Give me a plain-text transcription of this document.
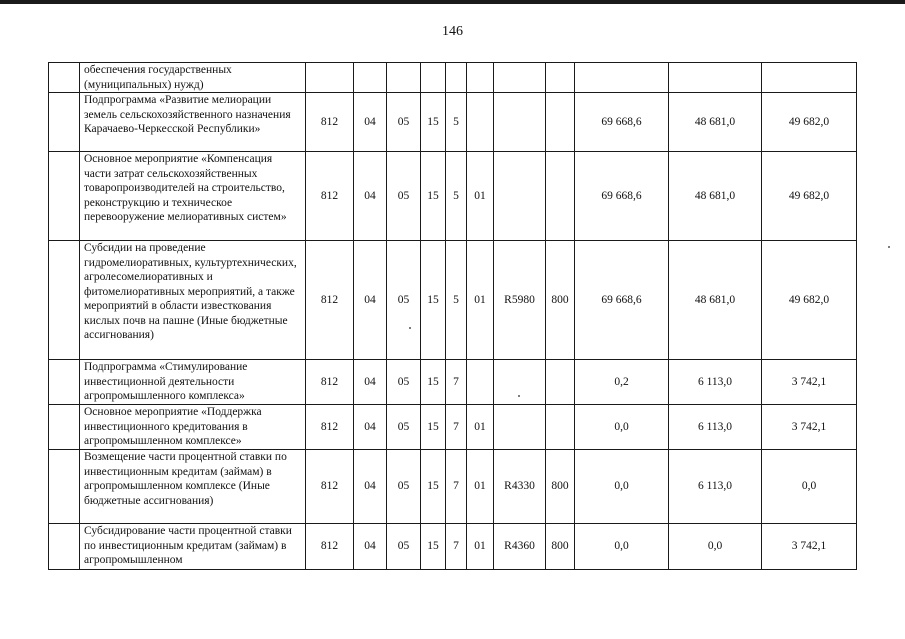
146
	обеспечения государственных (муниципальных) нужд)											
	Подпрограмма «Развитие мелиорации земель сельскохозяйственного назначения Карачаево-Черкесской Республики»	812	04	05	15	5				69 668,6	48 681,0	49 682,0
	Основное мероприятие «Компенсация части затрат сельскохозяйственных товаропроизводителей на строительство, реконструкцию и техническое перевооружение мелиоративных систем»	812	04	05	15	5	01			69 668,6	48 681,0	49 682,0
	Субсидии на проведение гидромелиоративных, культуртехнических, агролесомелиоративных и фитомелиоративных мероприятий, а также мероприятий в области известкования кислых почв на пашне (Иные бюджетные ассигнования)	812	04	05	15	5	01	R5980	800	69 668,6	48 681,0	49 682,0
	Подпрограмма «Стимулирование инвестиционной деятельности агропромышленного комплекса»	812	04	05	15	7				0,2	6 113,0	3 742,1
	Основное мероприятие «Поддержка инвестиционного кредитования в агропромышленном комплексе»	812	04	05	15	7	01			0,0	6 113,0	3 742,1
	Возмещение части процентной ставки по инвестиционным кредитам (займам) в агропромышленном комплексе (Иные бюджетные ассигнования)	812	04	05	15	7	01	R4330	800	0,0	6 113,0	0,0
	Субсидирование части процентной ставки по инвестиционным кредитам (займам) в агропромышленном	812	04	05	15	7	01	R4360	800	0,0	0,0	3 742,1
